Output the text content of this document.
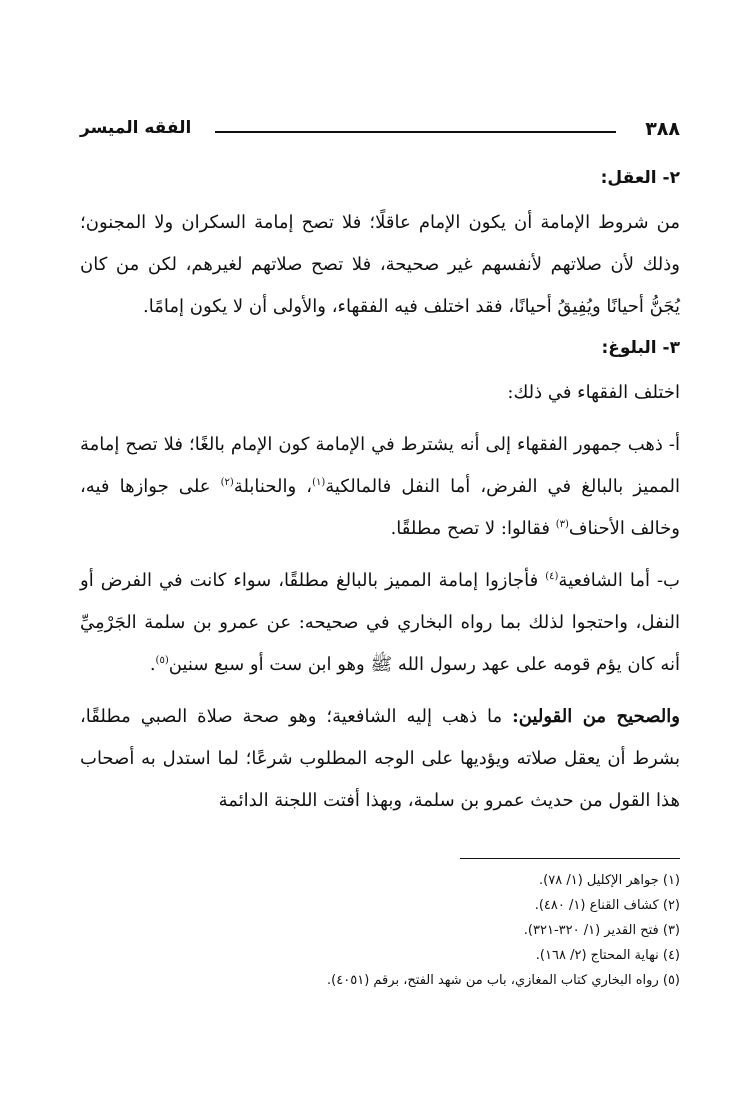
٣٨٨
الفقه الميسر
٢- العقل:

من شروط الإمامة أن يكون الإمام عاقلًا؛ فلا تصح إمامة السكران ولا المجنون؛ وذلك لأن صلاتهم لأنفسهم غير صحيحة، فلا تصح صلاتهم لغيرهم، لكن من كان يُجَنُّ أحيانًا ويُفِيقُ أحيانًا، فقد اختلف فيه الفقهاء، والأولى أن لا يكون إمامًا.

٣- البلوغ:

اختلف الفقهاء في ذلك:

أ- ذهب جمهور الفقهاء إلى أنه يشترط في الإمامة كون الإمام بالغًا؛ فلا تصح إمامة المميز بالبالغ في الفرض، أما النفل فالمالكية$^{(١)}$، والحنابلة$^{(٢)}$ على جوازها فيه، وخالف الأحناف$^{(٣)}$ فقالوا: لا تصح مطلقًا.

ب- أما الشافعية$^{(٤)}$ فأجازوا إمامة المميز بالبالغ مطلقًا، سواء كانت في الفرض أو النفل، واحتجوا لذلك بما رواه البخاري في صحيحه: عن عمرو بن سلمة الجَرْمِيِّ أنه كان يؤم قومه على عهد رسول الله ﷺ وهو ابن ست أو سبع سنين$^{(٥)}$.

والصحيح من القولين: ما ذهب إليه الشافعية؛ وهو صحة صلاة الصبي مطلقًا، بشرط أن يعقل صلاته ويؤديها على الوجه المطلوب شرعًا؛ لما استدل به أصحاب هذا القول من حديث عمرو بن سلمة، وبهذا أفتت اللجنة الدائمة

(١) جواهر الإكليل (١/ ٧٨).
(٢) كشاف القناع (١/ ٤٨٠).
(٣) فتح القدير (١/ ٣٢٠-٣٢١).
(٤) نهاية المحتاج (٢/ ١٦٨).
(٥) رواه البخاري كتاب المغازي، باب من شهد الفتح، برقم (٤٠٥١).
